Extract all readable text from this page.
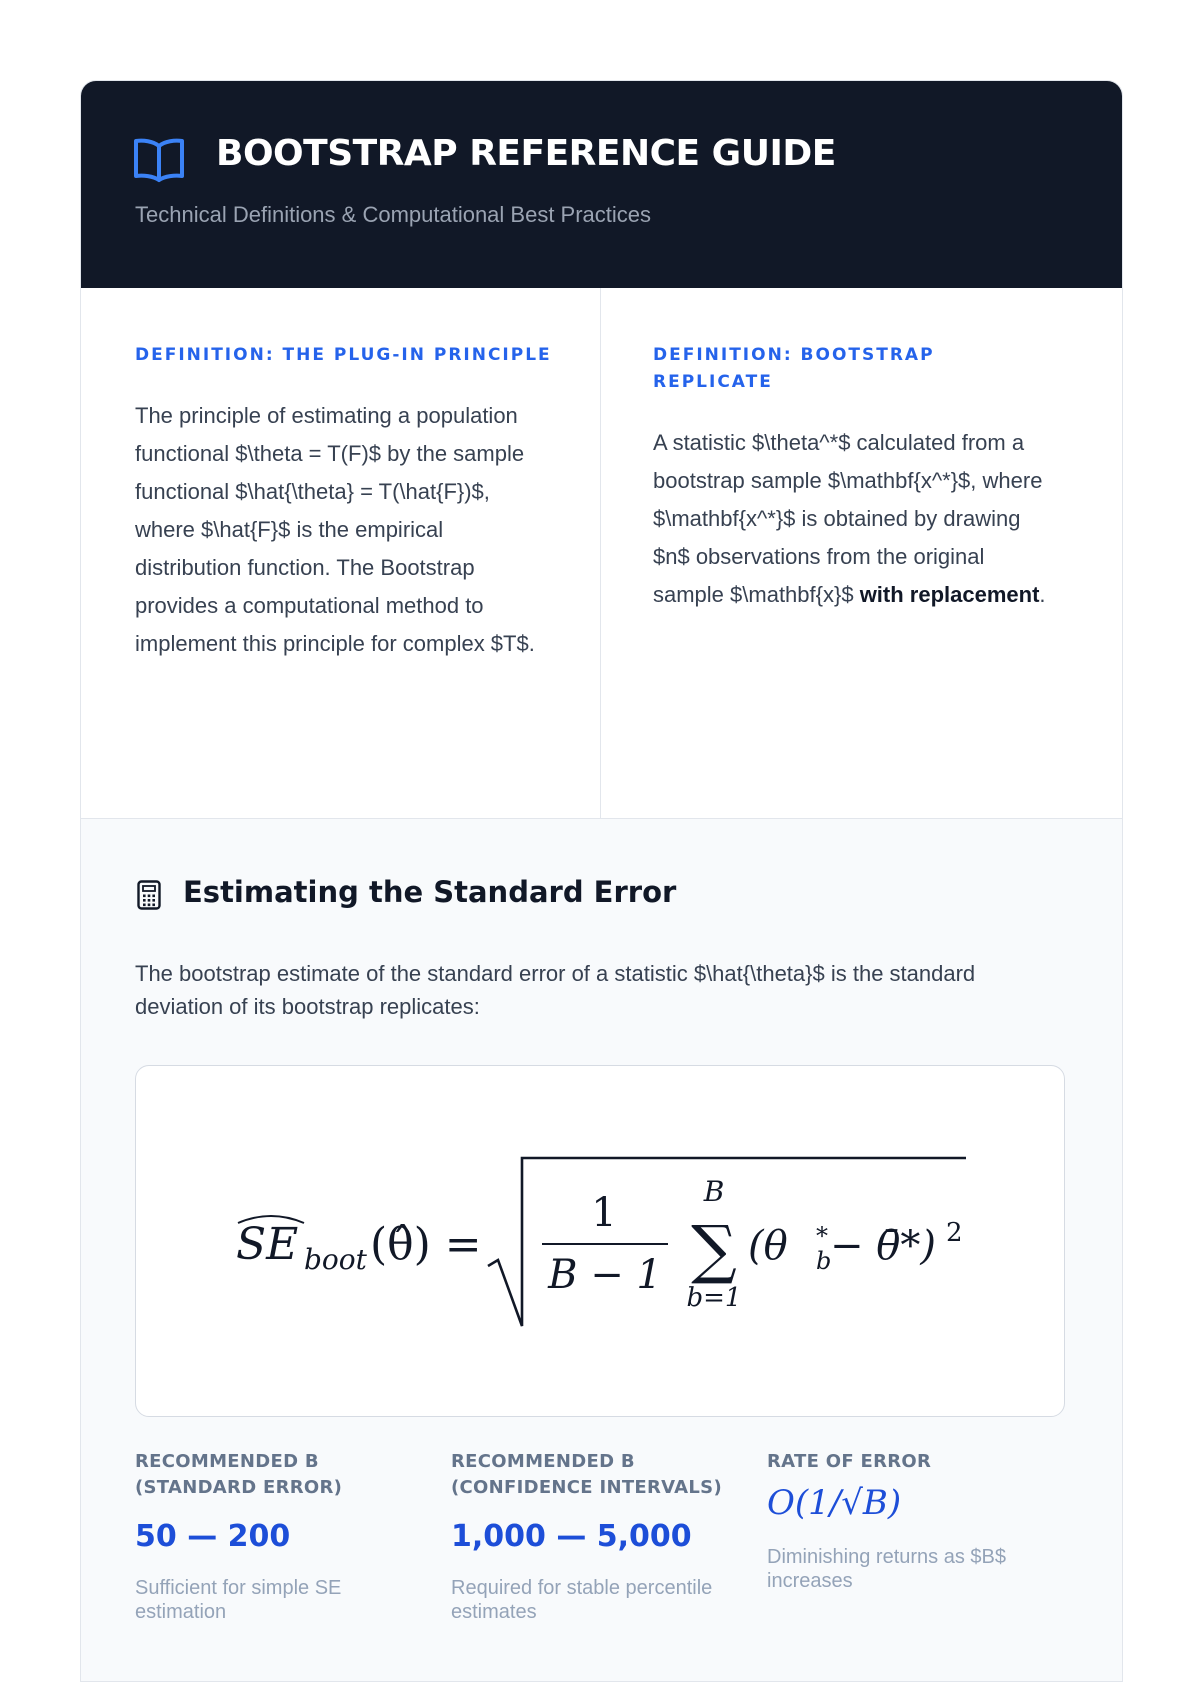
BOOTSTRAP REFERENCE GUIDE

Technical Definitions & Computational Best Practices

DEFINITION: THE PLUG-IN PRINCIPLE
The principle of estimating a population functional $\theta = T(F)$ by the sample functional $\hat{\theta} = T(\hat{F})$, where $\hat{F}$ is the empirical distribution function. The Bootstrap provides a computational method to implement this principle for complex $T$.
DEFINITION: BOOTSTRAP REPLICATE
A statistic $\theta^*$ calculated from a bootstrap sample $\mathbf{x^*}$, where $\mathbf{x^*}$ is obtained by drawing $n$ observations from the original sample $\mathbf{x}$ with replacement.
Estimating the Standard Error
The bootstrap estimate of the standard error of a statistic $\hat{\theta}$ is the standard deviation of its bootstrap replicates:
SE boot (θ̂) =
1
B − 1
B
∑
b=1
(θ *
b
− θ̄*) 2
RECOMMENDED B (STANDARD ERROR)
50 — 200
Sufficient for simple SE estimation
RECOMMENDED B (CONFIDENCE INTERVALS)
1,000 — 5,000
Required for stable percentile estimates
RATE OF ERROR
O(1/√B)
Diminishing returns as $B$ increases
